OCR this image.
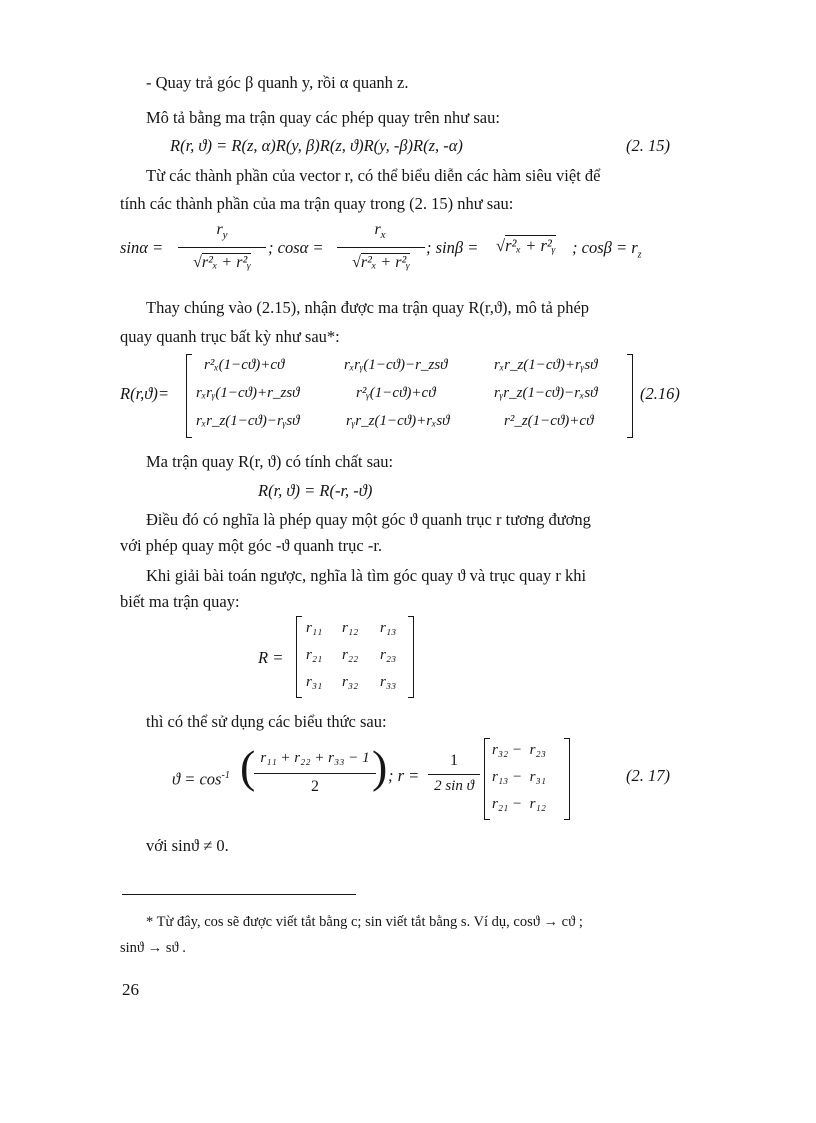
- Quay trả góc β quanh y, rồi α quanh z.
Mô tả bằng ma trận quay các phép quay trên như sau:
R(r, ϑ) = R(z, α)R(y, β)R(z, ϑ)R(y, -β)R(z, -α)	(2. 15)
Từ các thành phần của vector r, có thể biểu diễn các hàm siêu việt để
tính các thành phần của ma trận quay trong (2. 15) như sau:
sinα =
$r_y$
√r²ₓ + r²ᵧ
; cosα =
$r_x$
√r²ₓ + r²ᵧ
; sinβ = √r²ₓ + r²ᵧ ; $\cos\beta = r_z$
Thay chúng vào (2.15), nhận được ma trận quay R(r,ϑ), mô tả phép
quay quanh trục bất kỳ như sau*:
R(r,ϑ)=
r²ₓ(1−cϑ)+cϑ	rₓrᵧ(1−cϑ)−r_zsϑ	rₓr_z(1−cϑ)+rᵧsϑ
rₓrᵧ(1−cϑ)+r_zsϑ	r²ᵧ(1−cϑ)+cϑ	rᵧr_z(1−cϑ)−rₓsϑ
rₓr_z(1−cϑ)−rᵧsϑ	rᵧr_z(1−cϑ)+rₓsϑ	r²_z(1−cϑ)+cϑ
(2.16)
Ma trận quay R(r, ϑ) có tính chất sau:
R(r, ϑ) = R(-r, -ϑ)
Điều đó có nghĩa là phép quay một góc ϑ quanh trục r tương đương
với phép quay một góc -ϑ quanh trục -r.
Khi giải bài toán ngược, nghĩa là tìm góc quay ϑ và trục quay r khi
biết ma trận quay:
R =
r₁₁ r₁₂ r₁₃
r₂₁ r₂₂ r₂₃
r₃₁ r₃₂ r₃₃
thì có thể sử dụng các biểu thức sau:
$ϑ = \cos^{-1}$ ( r₁₁ + r₂₂ + r₃₃ − 1
2	) ; r =
1
2 sin ϑ
r₃₂ −  r₂₃
r₁₃ −  r₃₁
r₂₁ −  r₁₂
(2. 17)
với sinϑ ≠ 0.
* Từ đây, cos sẽ được viết tắt bằng c; sin viết tắt bằng s. Ví dụ, cosϑ → cϑ ;
sinϑ → sϑ .
26
